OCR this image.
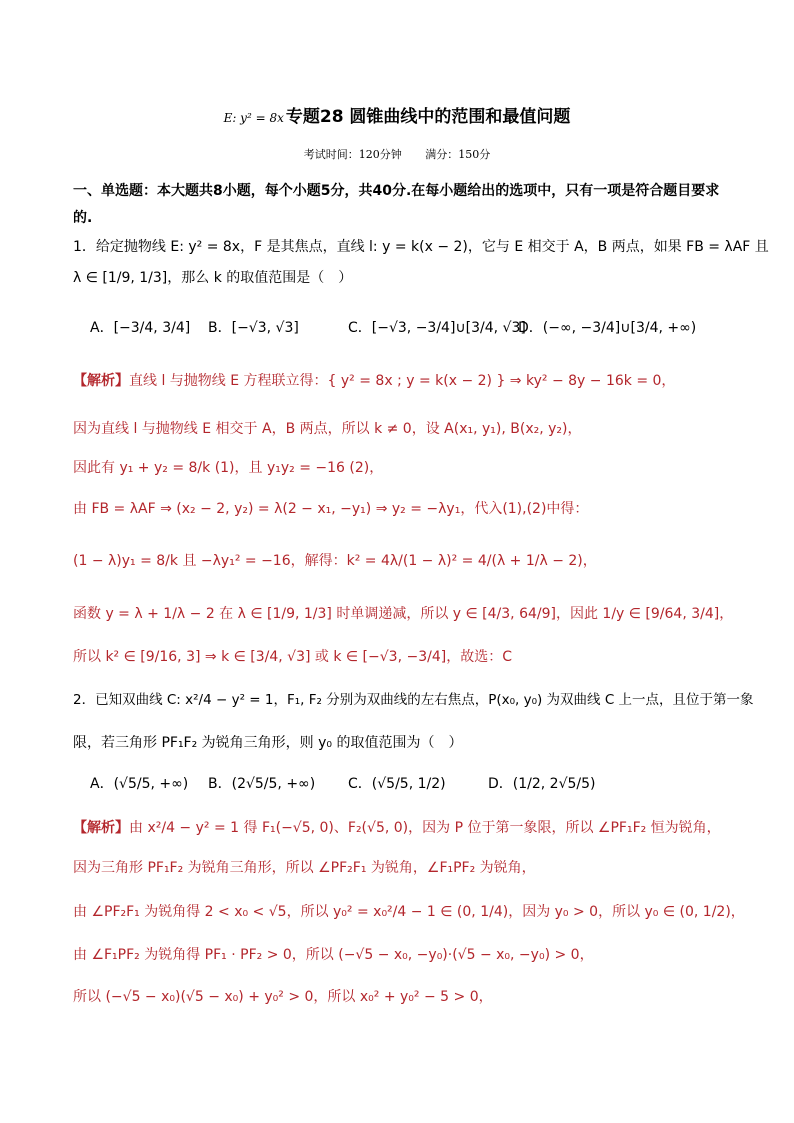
E: y² = 8x 专题28 圆锥曲线中的范围和最值问题
考试时间：120分钟 满分：150分
一、单选题：本大题共8小题，每个小题5分，共40分.在每小题给出的选项中，只有一项是符合题目要求
的.
1．给定抛物线 E: y² = 8x，F 是其焦点，直线 l: y = k(x − 2)，它与 E 相交于 A，B 两点，如果 FB = λAF 且
λ ∈ [1/9, 1/3]，那么 k 的取值范围是（　）
A．[−3/4, 3/4] B．[−√3, √3]	C．[−√3, −3/4]∪[3/4, √3]
D．(−∞, −3/4]∪[3/4, +∞)
【解析】直线 l 与抛物线 E 方程联立得：{ y² = 8x ; y = k(x − 2) } ⇒ ky² − 8y − 16k = 0，
因为直线 l 与抛物线 E 相交于 A，B 两点，所以 k ≠ 0，设 A(x₁, y₁), B(x₂, y₂)，
因此有 y₁ + y₂ = 8/k (1)，且 y₁y₂ = −16 (2)，
由 FB = λAF ⇒ (x₂ − 2, y₂) = λ(2 − x₁, −y₁) ⇒ y₂ = −λy₁，代入(1),(2)中得：
(1 − λ)y₁ = 8/k 且 −λy₁² = −16，解得：k² = 4λ/(1 − λ)² = 4/(λ + 1/λ − 2)，
函数 y = λ + 1/λ − 2 在 λ ∈ [1/9, 1/3] 时单调递减，所以 y ∈ [4/3, 64/9]，因此 1/y ∈ [9/64, 3/4]，
所以 k² ∈ [9/16, 3] ⇒ k ∈ [3/4, √3] 或 k ∈ [−√3, −3/4]，故选：C
2．已知双曲线 C: x²/4 − y² = 1，F₁, F₂ 分别为双曲线的左右焦点，P(x₀, y₀) 为双曲线 C 上一点，且位于第一象
限，若三角形 PF₁F₂ 为锐角三角形，则 y₀ 的取值范围为（　）
A．(√5/5, +∞) B．(2√5/5, +∞) C．(√5/5, 1/2)	D．(1/2, 2√5/5)
【解析】由 x²/4 − y² = 1 得 F₁(−√5, 0)、F₂(√5, 0)，因为 P 位于第一象限，所以 ∠PF₁F₂ 恒为锐角，
因为三角形 PF₁F₂ 为锐角三角形，所以 ∠PF₂F₁ 为锐角，∠F₁PF₂ 为锐角，
由 ∠PF₂F₁ 为锐角得 2 < x₀ < √5，所以 y₀² = x₀²/4 − 1 ∈ (0, 1/4)，因为 y₀ > 0，所以 y₀ ∈ (0, 1/2)，
由 ∠F₁PF₂ 为锐角得 PF₁ · PF₂ > 0，所以 (−√5 − x₀, −y₀)·(√5 − x₀, −y₀) > 0，
所以 (−√5 − x₀)(√5 − x₀) + y₀² > 0，所以 x₀² + y₀² − 5 > 0，
